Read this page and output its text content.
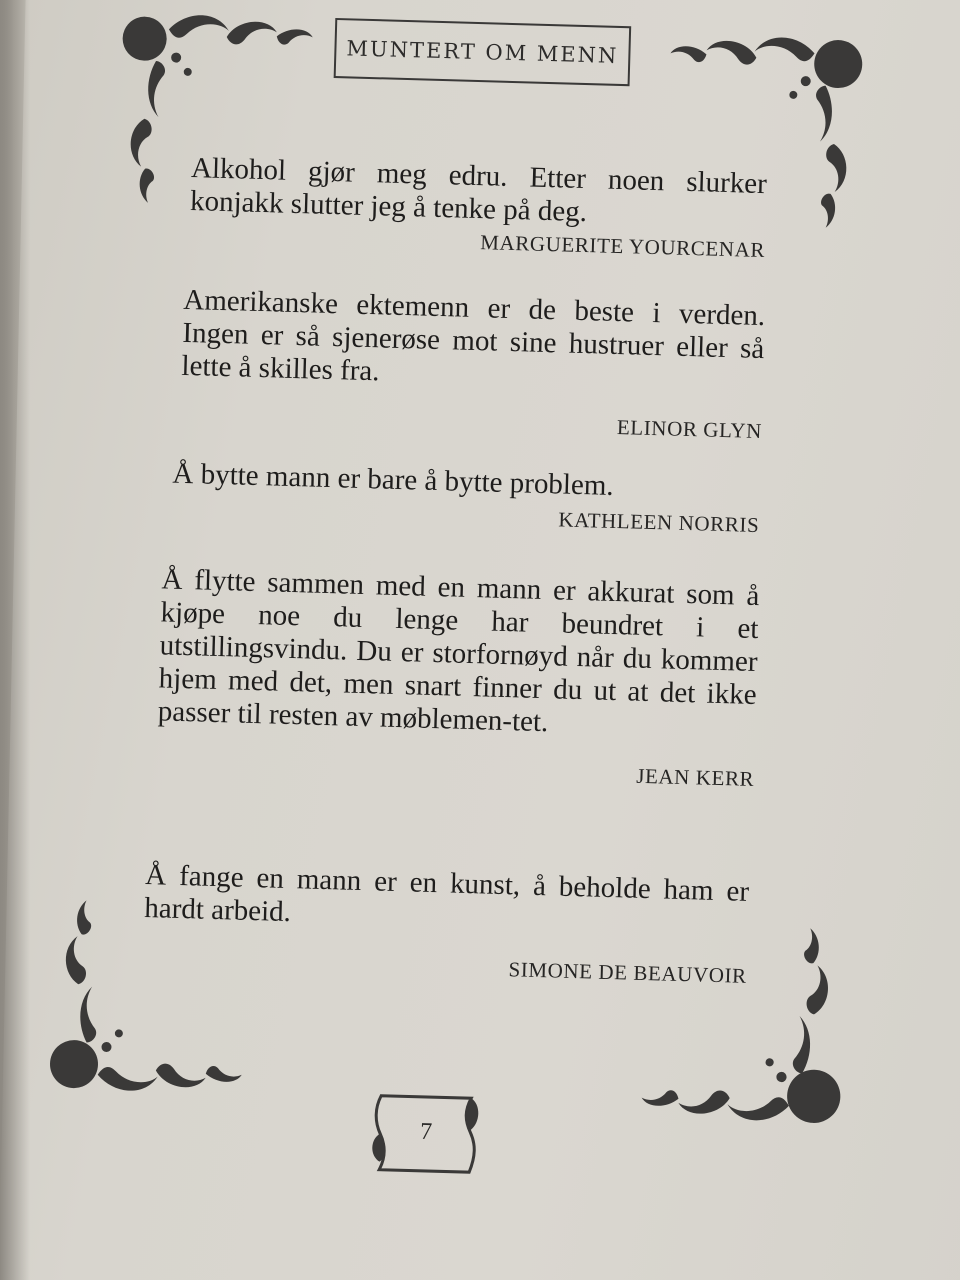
MUNTERT OM MENN

Alkohol gjør meg edru. Etter noen slurker konjakk slutter jeg å tenke på deg.

MARGUERITE YOURCENAR

Amerikanske ektemenn er de beste i verden. Ingen er så sjenerøse mot sine hustruer eller så lette å skilles fra.

ELINOR GLYN

Å bytte mann er bare å bytte problem.

KATHLEEN NORRIS

Å flytte sammen med en mann er akkurat som å kjøpe noe du lenge har beundret i et utstillingsvindu. Du er storfornøyd når du kommer hjem med det, men snart finner du ut at det ikke passer til resten av møblemen-tet.

JEAN KERR

Å fange en mann er en kunst, å beholde ham er hardt arbeid.

SIMONE DE BEAUVOIR

7
